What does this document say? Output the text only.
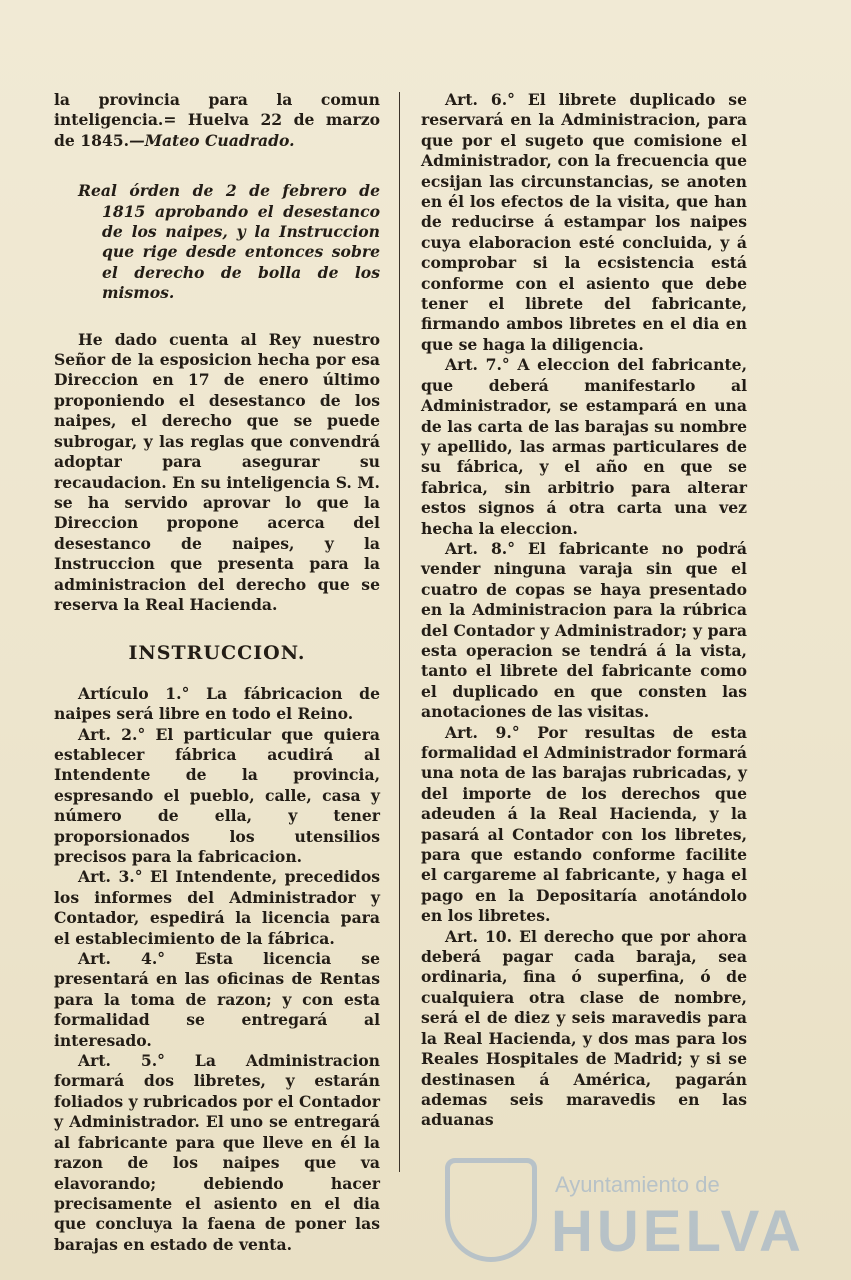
la provincia para la comun inteligencia.= Huelva 22 de marzo de 1845.—Mateo Cuadrado.

Real órden de 2 de febrero de 1815 aprobando el desestanco de los naipes, y la Instruccion que rige desde entonces sobre el derecho de bolla de los mismos.

He dado cuenta al Rey nuestro Señor de la esposicion hecha por esa Direccion en 17 de enero último proponiendo el desestanco de los naipes, el derecho que se puede subrogar, y las reglas que convendrá adoptar para asegurar su recaudacion. En su inteligencia S. M. se ha servido aprovar lo que la Direccion propone acerca del desestanco de naipes, y la Instruccion que presenta para la administracion del derecho que se reserva la Real Hacienda.

INSTRUCCION.

Artículo 1.° La fábricacion de naipes será libre en todo el Reino.

Art. 2.° El particular que quiera establecer fábrica acudirá al Intendente de la provincia, espresando el pueblo, calle, casa y número de ella, y tener proporsionados los utensilios precisos para la fabricacion.

Art. 3.° El Intendente, precedidos los informes del Administrador y Contador, espedirá la licencia para el establecimiento de la fábrica.

Art. 4.° Esta licencia se presentará en las oficinas de Rentas para la toma de razon; y con esta formalidad se entregará al interesado.

Art. 5.° La Administracion formará dos libretes, y estarán foliados y rubricados por el Contador y Administrador. El uno se entregará al fabricante para que lleve en él la razon de los naipes que va elavorando; debiendo hacer precisamente el asiento en el dia que concluya la faena de poner las barajas en estado de venta.

Art. 6.° El librete duplicado se reservará en la Administracion, para que por el sugeto que comisione el Administrador, con la frecuencia que ecsijan las circunstancias, se anoten en él los efectos de la visita, que han de reducirse á estampar los naipes cuya elaboracion esté concluida, y á comprobar si la ecsistencia está conforme con el asiento que debe tener el librete del fabricante, firmando ambos libretes en el dia en que se haga la diligencia.

Art. 7.° A eleccion del fabricante, que deberá manifestarlo al Administrador, se estampará en una de las carta de las barajas su nombre y apellido, las armas particulares de su fábrica, y el año en que se fabrica, sin arbitrio para alterar estos signos á otra carta una vez hecha la eleccion.

Art. 8.° El fabricante no podrá vender ninguna varaja sin que el cuatro de copas se haya presentado en la Administracion para la rúbrica del Contador y Administrador; y para esta operacion se tendrá á la vista, tanto el librete del fabricante como el duplicado en que consten las anotaciones de las visitas.

Art. 9.° Por resultas de esta formalidad el Administrador formará una nota de las barajas rubricadas, y del importe de los derechos que adeuden á la Real Hacienda, y la pasará al Contador con los libretes, para que estando conforme facilite el cargareme al fabricante, y haga el pago en la Depositaría anotándolo en los libretes.

Art. 10. El derecho que por ahora deberá pagar cada baraja, sea ordinaria, fina ó superfina, ó de cualquiera otra clase de nombre, será el de diez y seis maravedis para la Real Hacienda, y dos mas para los Reales Hospitales de Madrid; y si se destinasen á América, pagarán ademas seis maravedis en las aduanas

Ayuntamiento de
HUELVA
